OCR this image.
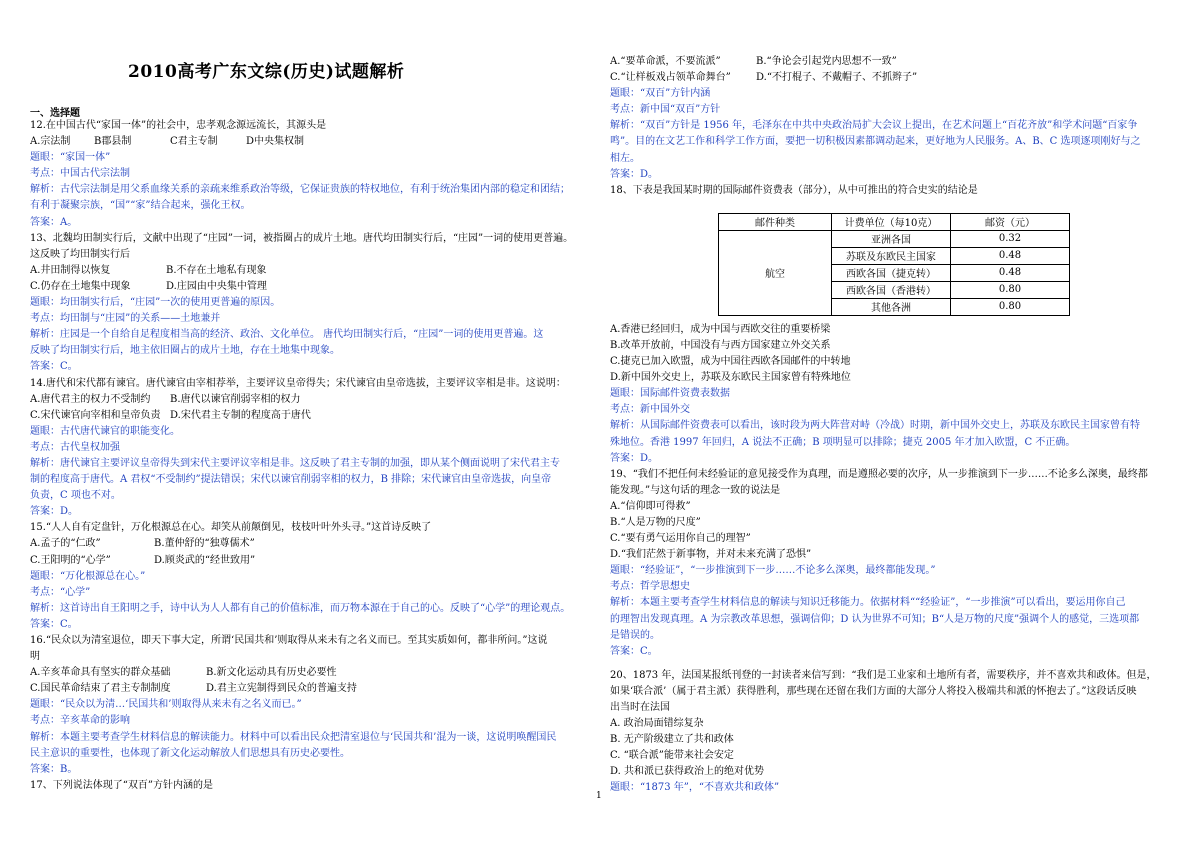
2010高考广东文综(历史)试题解析
一、选择题
12.在中国古代“家国一体”的社会中，忠孝观念源远流长，其源头是
A.宗法制	B郡县制	C君主专制	D中央集权制
题眼：“家国一体”
考点：中国古代宗法制
解析：古代宗法制是用父系血缘关系的亲疏来维系政治等级，它保证贵族的特权地位，有利于统治集团内部的稳定和团结；
有利于凝聚宗族，“国”“家”结合起来，强化王权。
答案：A。
13、北魏均田制实行后，文献中出现了“庄园”一词，被指圈占的成片土地。唐代均田制实行后，“庄园”一词的使用更普遍。
这反映了均田制实行后
A.井田制得以恢复	B.不存在土地私有现象
C.仍存在土地集中现象	D.庄园由中央集中管理
题眼：均田制实行后，“庄园”一次的使用更普遍的原因。
考点：均田制与“庄园”的关系——土地兼并
解析：庄园是一个自给自足程度相当高的经济、政治、文化单位。 唐代均田制实行后，“庄园”一词的使用更普遍。这
反映了均田制实行后，地主依旧圈占的成片土地，存在土地集中现象。
答案：C。
14.唐代和宋代都有谏官。唐代谏官由宰相荐举，主要评议皇帝得失；宋代谏官由皇帝选拔，主要评议宰相是非。这说明：
A.唐代君主的权力不受制约	B.唐代以谏官削弱宰相的权力
C.宋代谏官向宰相和皇帝负责 D.宋代君主专制的程度高于唐代
题眼：古代唐代谏官的职能变化。
考点：古代皇权加强
解析：唐代谏官主要评议皇帝得失到宋代主要评议宰相是非。这反映了君主专制的加强，即从某个侧面说明了宋代君主专
制的程度高于唐代。A 君权“不受制约”提法错误；宋代以谏官削弱宰相的权力，B 排除；宋代谏官由皇帝选拔，向皇帝
负责，C 项也不对。
答案：D。
15.“人人自有定盘针，万化根源总在心。却笑从前颠倒见，枝枝叶叶外头寻。”这首诗反映了
A.孟子的“仁政”	B.董仲舒的“独尊儒术”
C.王阳明的“心学”	D.顾炎武的“经世致用”
题眼：“万化根源总在心。”
考点：“心学”
解析：这首诗出自王阳明之手，诗中认为人人都有自己的价值标准，而万物本源在于自己的心。反映了“心学”的理论观点。
答案：C。
16.“民众以为清室退位，即天下事大定，所谓‘民国共和’则取得从来未有之名义而已。至其实质如何，都非所问。”这说
明
A.辛亥革命具有坚实的群众基础	B.新文化运动具有历史必要性
C.国民革命结束了君主专制制度	D.君主立宪制得到民众的普遍支持
题眼：“民众以为清…‘民国共和’则取得从来未有之名义而已。”
考点：辛亥革命的影响
解析：本题主要考查学生材料信息的解读能力。材料中可以看出民众把清室退位与‘民国共和’混为一谈，这说明唤醒国民
民主意识的重要性，也体现了新文化运动解放人们思想具有历史必要性。
答案：B。
17、下列说法体现了“双百”方针内涵的是
A.“要革命派，不要流派”	B.“争论会引起党内思想不一致”
C.“让样板戏占领革命舞台”	D.“不打棍子、不戴帽子、不抓辫子”
题眼：“双百”方针内涵
考点：新中国“双百”方针
解析：“双百”方针是 1956 年，毛泽东在中共中央政治局扩大会议上提出，在艺术问题上“百花齐放”和学术问题“百家争
鸣”。目的在文艺工作和科学工作方面，要把一切积极因素都调动起来，更好地为人民服务。A、B、C 选项逐项刚好与之
相左。
答案：D。
18、下表是我国某时期的国际邮件资费表（部分），从中可推出的符合史实的结论是
邮件种类	计费单位（每10克）	邮资（元）
航空	亚洲各国	0.32
	苏联及东欧民主国家	0.48
	西欧各国（捷克转）	0.48
	西欧各国（香港转）	0.80
	其他各洲	0.80
A.香港已经回归，成为中国与西欧交往的重要桥梁
B.改革开放前，中国没有与西方国家建立外交关系
C.捷克已加入欧盟，成为中国往西欧各国邮件的中转地
D.新中国外交史上，苏联及东欧民主国家曾有特殊地位
题眼：国际邮件资费表数据
考点：新中国外交
解析：从国际邮件资费表可以看出，该时段为两大阵营对峙（冷战）时期，新中国外交史上，苏联及东欧民主国家曾有特
殊地位。香港 1997 年回归，A 说法不正确；B 项明显可以排除；捷克 2005 年才加入欧盟，C 不正确。
答案：D。
19、“我们不把任何未经验证的意见接受作为真理，而是遵照必要的次序，从一步推演到下一步……不论多么深奥，最终都
能发现。”与这句话的理念一致的说法是
A.“信仰即可得救”
B.“人是万物的尺度”
C.“要有勇气运用你自己的理智”
D.“我们茫然于新事物，并对未来充满了恐惧”
题眼：“经验证”，“一步推演到下一步……不论多么深奥，最终都能发现。”
考点：哲学思想史
解析：本题主要考查学生材料信息的解读与知识迁移能力。依据材料““经验证”，“一步推演”可以看出，要运用你自己
的理智出发现真理。A 为宗教改革思想，强调信仰；D 认为世界不可知；B“人是万物的尺度”强调个人的感觉，三选项都
是错误的。
答案：C。
20、1873 年，法国某报纸刊登的一封读者来信写到：“我们是工业家和土地所有者，需要秩序，并不喜欢共和政体。但是，
如果‘联合派’（属于君主派）获得胜利，那些现在还留在我们方面的大部分人将投入极端共和派的怀抱去了。”这段话反映
出当时在法国
A. 政治局面错综复杂
B. 无产阶级建立了共和政体
C. “联合派”能带来社会安定
D. 共和派已获得政治上的绝对优势
题眼：“1873 年”，“不喜欢共和政体”
1
